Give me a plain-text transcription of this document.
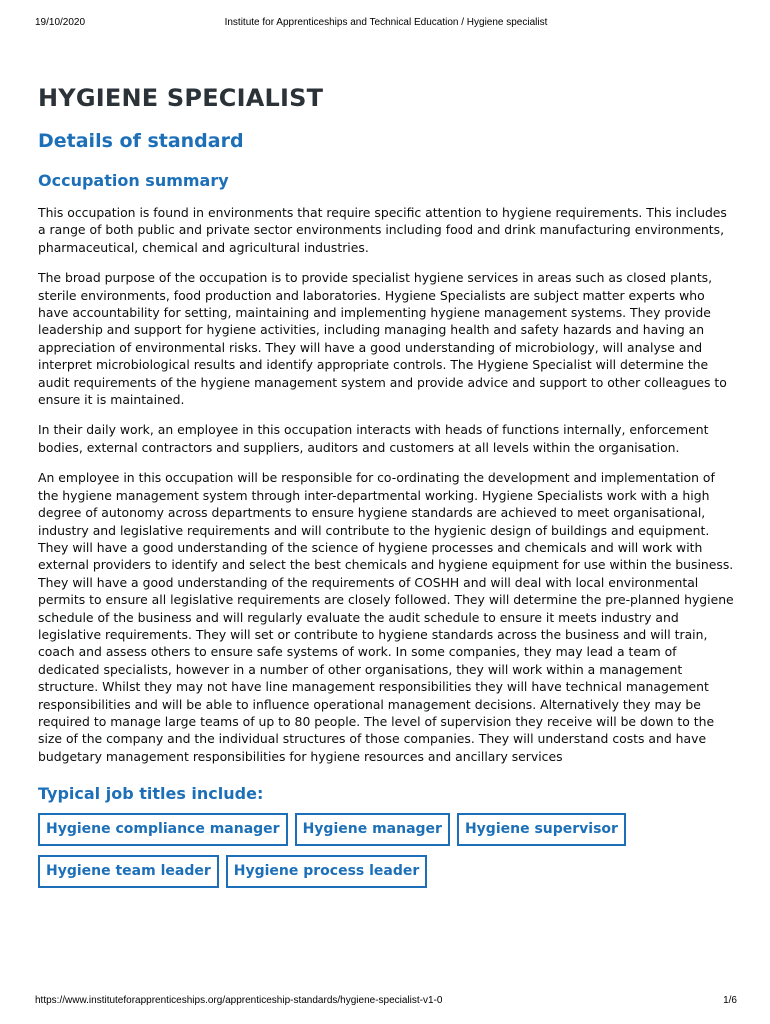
19/10/2020	Institute for Apprenticeships and Technical Education / Hygiene specialist
HYGIENE SPECIALIST
Details of standard
Occupation summary

This occupation is found in environments that require specific attention to hygiene requirements. This includes a range of both public and private sector environments including food and drink manufacturing environments, pharmaceutical, chemical and agricultural industries.

The broad purpose of the occupation is to provide specialist hygiene services in areas such as closed plants, sterile environments, food production and laboratories. Hygiene Specialists are subject matter experts who have accountability for setting, maintaining and implementing hygiene management systems. They provide leadership and support for hygiene activities, including managing health and safety hazards and having an appreciation of environmental risks. They will have a good understanding of microbiology, will analyse and interpret microbiological results and identify appropriate controls. The Hygiene Specialist will determine the audit requirements of the hygiene management system and provide advice and support to other colleagues to ensure it is maintained.

In their daily work, an employee in this occupation interacts with heads of functions internally, enforcement bodies, external contractors and suppliers, auditors and customers at all levels within the organisation.

An employee in this occupation will be responsible for co-ordinating the development and implementation of the hygiene management system through inter-departmental working. Hygiene Specialists work with a high degree of autonomy across departments to ensure hygiene standards are achieved to meet organisational, industry and legislative requirements and will contribute to the hygienic design of buildings and equipment. They will have a good understanding of the science of hygiene processes and chemicals and will work with external providers to identify and select the best chemicals and hygiene equipment for use within the business. They will have a good understanding of the requirements of COSHH and will deal with local environmental permits to ensure all legislative requirements are closely followed. They will determine the pre-planned hygiene schedule of the business and will regularly evaluate the audit schedule to ensure it meets industry and legislative requirements. They will set or contribute to hygiene standards across the business and will train, coach and assess others to ensure safe systems of work. In some companies, they may lead a team of dedicated specialists, however in a number of other organisations, they will work within a management structure. Whilst they may not have line management responsibilities they will have technical management responsibilities and will be able to influence operational management decisions. Alternatively they may be required to manage large teams of up to 80 people. The level of supervision they receive will be down to the size of the company and the individual structures of those companies. They will understand costs and have budgetary management responsibilities for hygiene resources and ancillary services

Typical job titles include:
Hygiene compliance manager	Hygiene manager	Hygiene supervisor
Hygiene team leader	Hygiene process leader
https://www.instituteforapprenticeships.org/apprenticeship-standards/hygiene-specialist-v1-0	1/6
